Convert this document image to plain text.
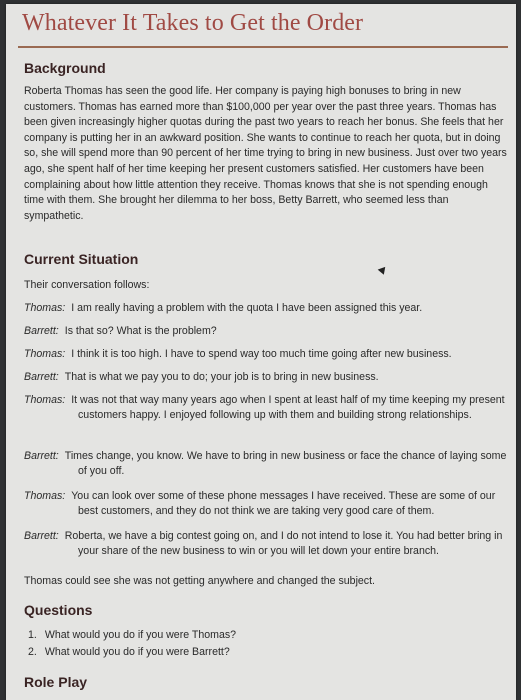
Whatever It Takes to Get the Order
Background
Roberta Thomas has seen the good life. Her company is paying high bonuses to bring in new customers. Thomas has earned more than $100,000 per year over the past three years. Thomas has been given increasingly higher quotas during the past two years to reach her bonus. She feels that her company is putting her in an awkward position. She wants to continue to reach her quota, but in doing so, she will spend more than 90 percent of her time trying to bring in new business. Just over two years ago, she spent half of her time keeping her present customers satisfied. Her customers have been complaining about how little attention they receive. Thomas knows that she is not spending enough time with them. She brought her dilemma to her boss, Betty Barrett, who seemed less than sympathetic.
Current Situation
Their conversation follows:
Thomas: I am really having a problem with the quota I have been assigned this year.
Barrett: Is that so? What is the problem?
Thomas: I think it is too high. I have to spend way too much time going after new business.
Barrett: That is what we pay you to do; your job is to bring in new business.
Thomas: It was not that way many years ago when I spent at least half of my time keeping my present customers happy. I enjoyed following up with them and building strong relationships.
Barrett: Times change, you know. We have to bring in new business or face the chance of laying some of you off.
Thomas: You can look over some of these phone messages I have received. These are some of our best customers, and they do not think we are taking very good care of them.
Barrett: Roberta, we have a big contest going on, and I do not intend to lose it. You had better bring in your share of the new business to win or you will let down your entire branch.
Thomas could see she was not getting anywhere and changed the subject.
Questions
1. What would you do if you were Thomas?
2. What would you do if you were Barrett?
Role Play
